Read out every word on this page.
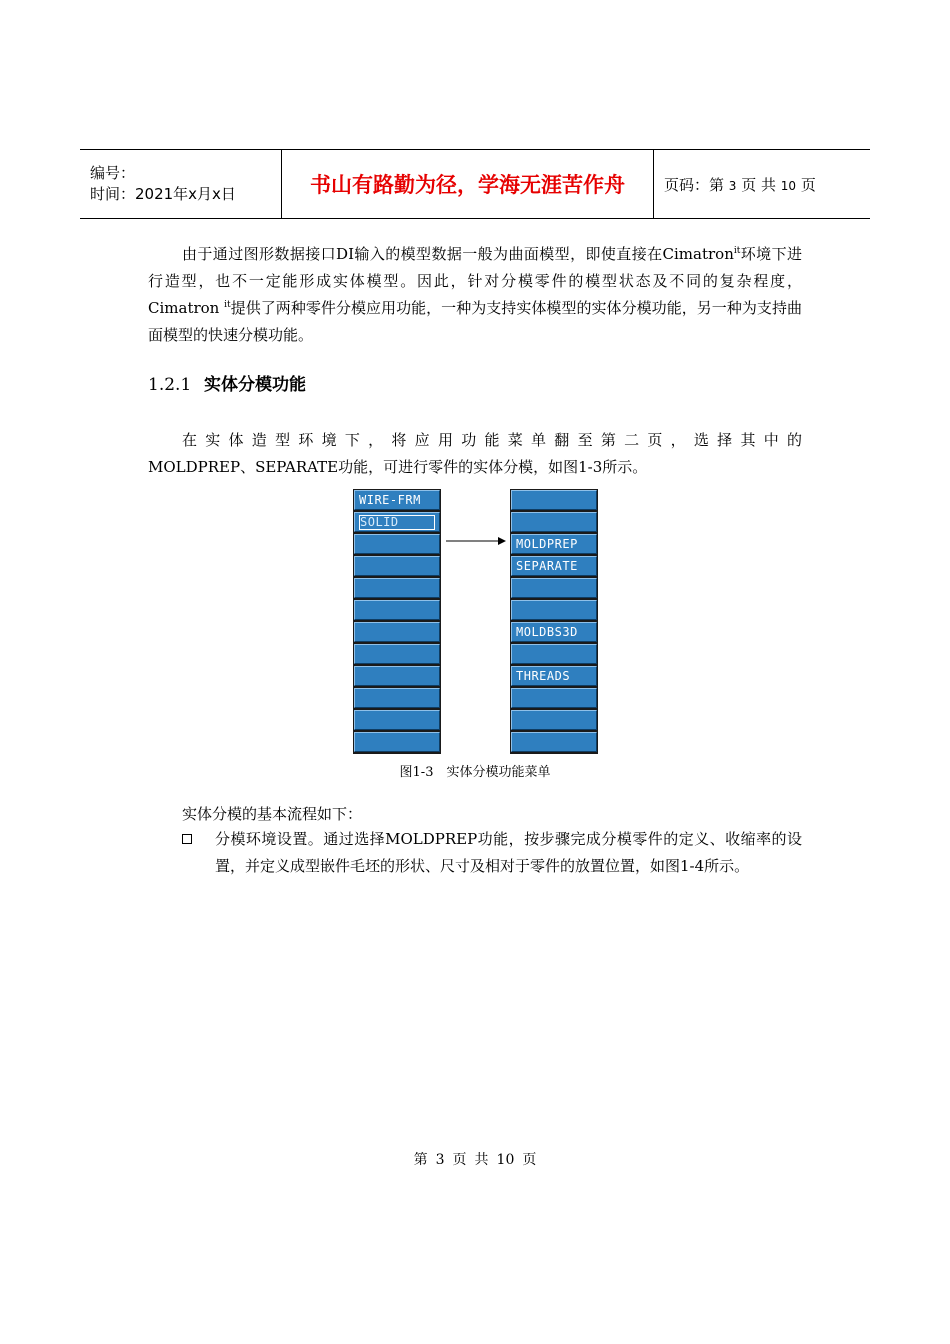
编号：
时间：2021年x月x日	书山有路勤为径，学海无涯苦作舟	页码：第 3 页 共 10 页
由于通过图形数据接口DI输入的模型数据一般为曲面模型，即使直接在Cimatron$^{it}$环境下进行造型，也不一定能形成实体模型。因此，针对分模零件的模型状态及不同的复杂程度，Cimatron $^{it}$提供了两种零件分模应用功能，一种为支持实体模型的实体分模功能，另一种为支持曲面模型的快速分模功能。
1.2.1 实体分模功能
在实体造型环境下，将应用功能菜单翻至第二页，选择其中的
MOLDPREP、SEPARATE功能，可进行零件的实体分模，如图1-3所示。
WIRE-FRM
SOLID
MOLDPREP
SEPARATE
MOLDBS3D
THREADS
图1-3　实体分模功能菜单
实体分模的基本流程如下：
分模环境设置。通过选择MOLDPREP功能，按步骤完成分模零件的定义、收缩率的设置，并定义成型嵌件毛坯的形状、尺寸及相对于零件的放置位置，如图1-4所示。
第 3 页 共 10 页
